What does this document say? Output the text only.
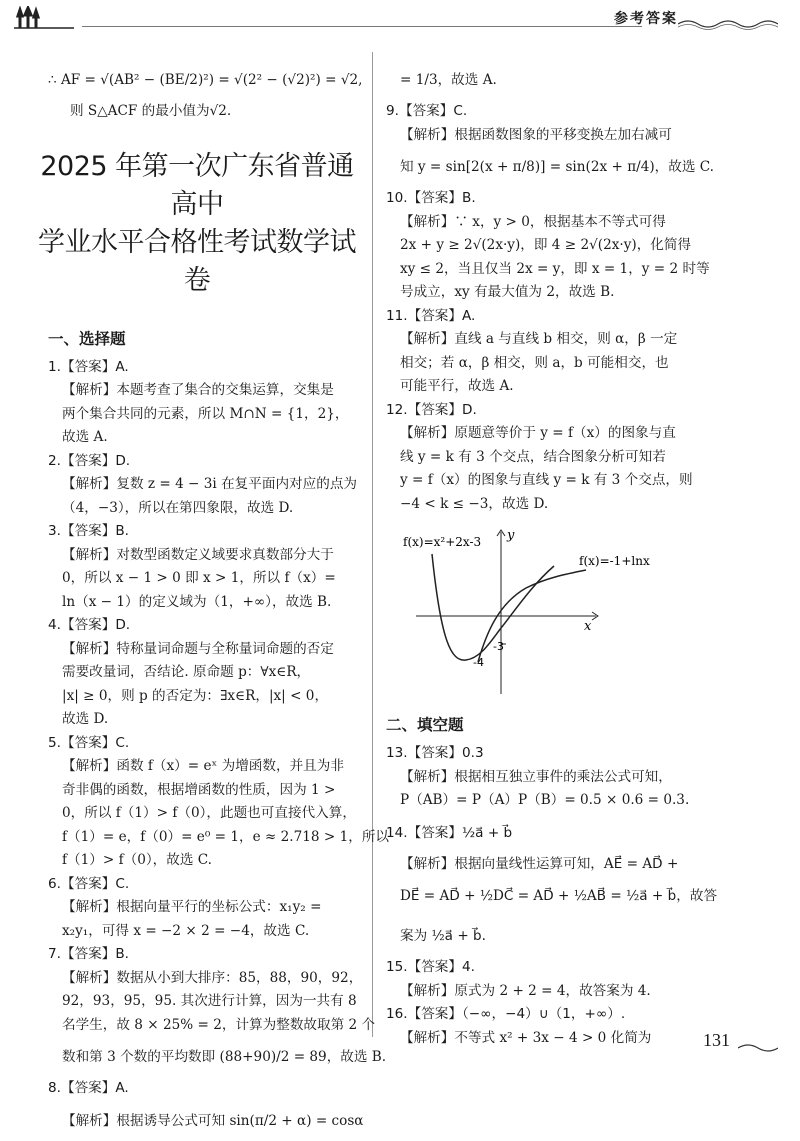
参考答案
∴ AF = √(AB² − (BE/2)²) = √(2² − (√2)²) = √2,
则 S△ACF 的最小值为√2.
2025 年第一次广东省普通高中
学业水平合格性考试数学试卷
一、选择题
1.【答案】A.
【解析】本题考查了集合的交集运算，交集是
两个集合共同的元素，所以 M∩N = {1，2}，
故选 A.
2.【答案】D.
【解析】复数 z = 4 − 3i 在复平面内对应的点为
（4，−3），所以在第四象限，故选 D.
3.【答案】B.
【解析】对数型函数定义域要求真数部分大于
0，所以 x − 1 > 0 即 x > 1，所以 f（x）=
ln（x − 1）的定义域为（1，+∞），故选 B.
4.【答案】D.
【解析】特称量词命题与全称量词命题的否定
需要改量词，否结论. 原命题 p：∀x∈R，
|x| ≥ 0，则 p 的否定为：∃x∈R，|x| < 0，
故选 D.
5.【答案】C.
【解析】函数 f（x）= eˣ 为增函数，并且为非
奇非偶的函数，根据增函数的性质，因为 1 >
0，所以 f（1）> f（0），此题也可直接代入算，
f（1）= e，f（0）= e⁰ = 1，e ≈ 2.718 > 1，所以
f（1）> f（0），故选 C.
6.【答案】C.
【解析】根据向量平行的坐标公式：x₁y₂ =
x₂y₁，可得 x = −2 × 2 = −4，故选 C.
7.【答案】B.
【解析】数据从小到大排序：85，88，90，92，
92，93，95，95. 其次进行计算，因为一共有 8
名学生，故 8 × 25% = 2，计算为整数故取第 2 个
数和第 3 个数的平均数即 (88+90)/2 = 89，故选 B.
8.【答案】A.
【解析】根据诱导公式可知 sin(π/2 + α) = cosα
= 1/3，故选 A.
9.【答案】C.
【解析】根据函数图象的平移变换左加右减可
知 y = sin[2(x + π/8)] = sin(2x + π/4)，故选 C.
10.【答案】B.
【解析】∵ x，y > 0，根据基本不等式可得
2x + y ≥ 2√(2x·y)，即 4 ≥ 2√(2x·y)，化简得
xy ≤ 2，当且仅当 2x = y，即 x = 1，y = 2 时等
号成立，xy 有最大值为 2，故选 B.
11.【答案】A.
【解析】直线 a 与直线 b 相交，则 α，β 一定
相交；若 α，β 相交，则 a，b 可能相交，也
可能平行，故选 A.
12.【答案】D.
【解析】原题意等价于 y = f（x）的图象与直
线 y = k 有 3 个交点，结合图象分析可知若
y = f（x）的图象与直线 y = k 有 3 个交点，则
−4 < k ≤ −3，故选 D.
f(x)=x²+2x-3
f(x)=-1+lnx
x
y
-3
-4
二、填空题
13.【答案】0.3
【解析】根据相互独立事件的乘法公式可知，
P（AB）= P（A）P（B）= 0.5 × 0.6 = 0.3.
14.【答案】½a⃗ + b⃗
【解析】根据向量线性运算可知，AE⃗ = AD⃗ +
DE⃗ = AD⃗ + ½DC⃗ = AD⃗ + ½AB⃗ = ½a⃗ + b⃗，故答
案为 ½a⃗ + b⃗.
15.【答案】4.
【解析】原式为 2 + 2 = 4，故答案为 4.
16.【答案】（−∞，−4）∪（1，+∞）.
【解析】不等式 x² + 3x − 4 > 0 化简为	131
